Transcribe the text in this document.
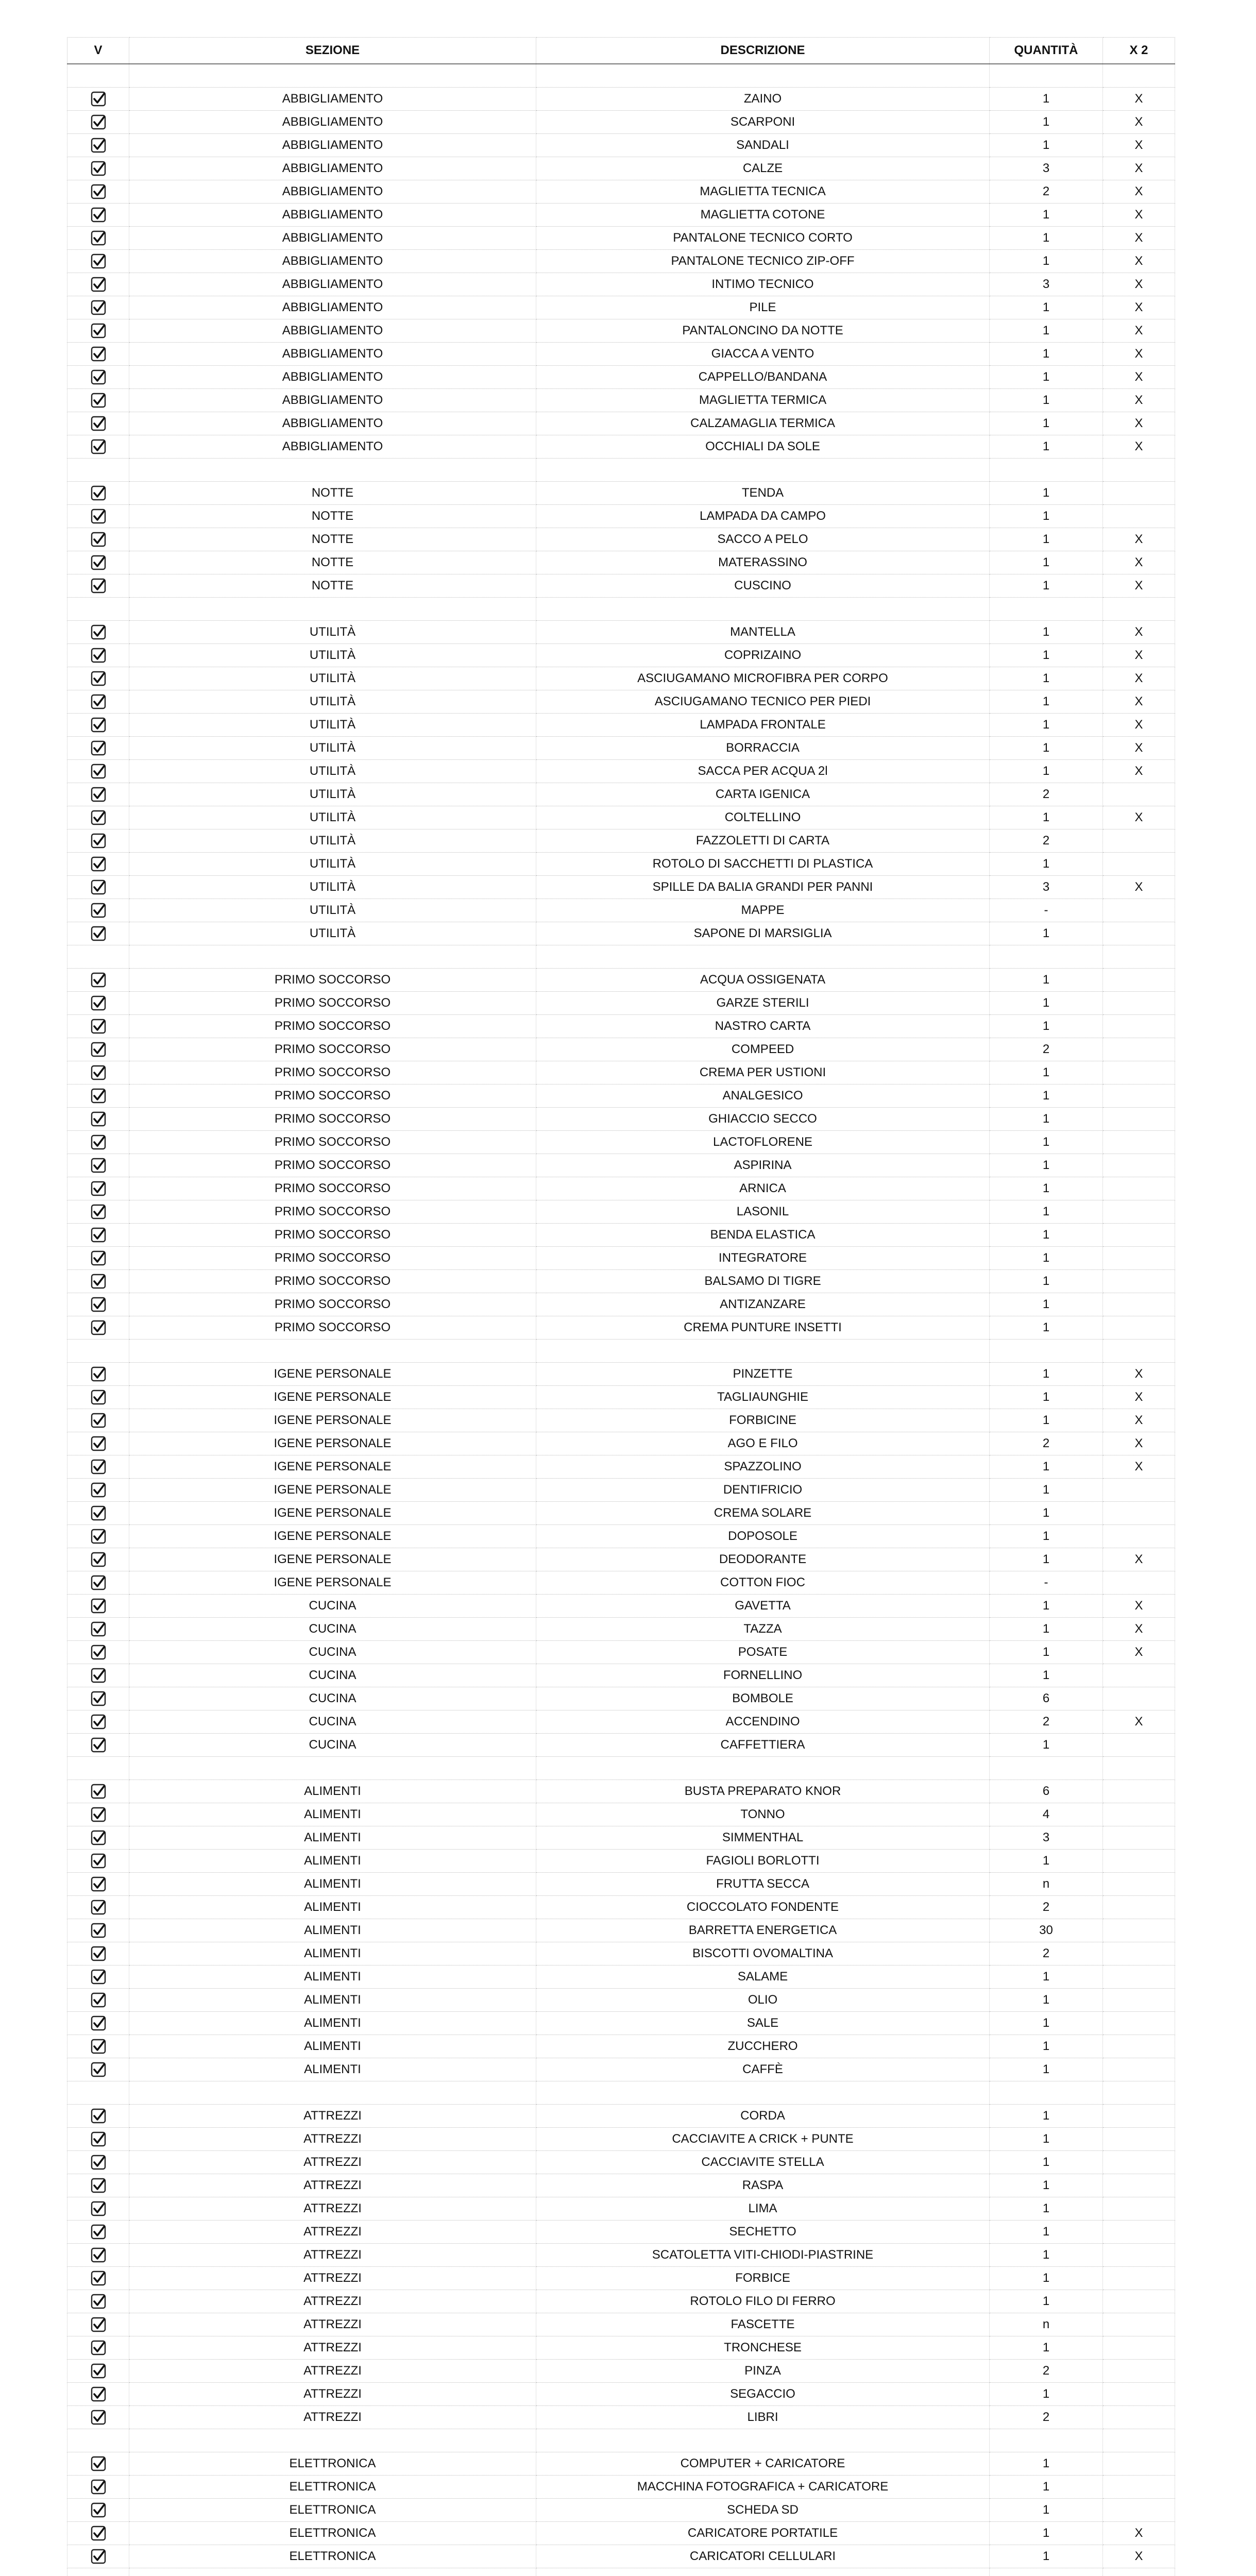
V	SEZIONE	DESCRIZIONE	QUANTITÀ	X 2

	ABBIGLIAMENTO	ZAINO	1	X

	ABBIGLIAMENTO	SCARPONI	1	X

	ABBIGLIAMENTO	SANDALI	1	X

	ABBIGLIAMENTO	CALZE	3	X

	ABBIGLIAMENTO	MAGLIETTA TECNICA	2	X

	ABBIGLIAMENTO	MAGLIETTA COTONE	1	X

	ABBIGLIAMENTO	PANTALONE TECNICO CORTO	1	X

	ABBIGLIAMENTO	PANTALONE TECNICO ZIP-OFF	1	X

	ABBIGLIAMENTO	INTIMO TECNICO	3	X

	ABBIGLIAMENTO	PILE	1	X

	ABBIGLIAMENTO	PANTALONCINO DA NOTTE	1	X

	ABBIGLIAMENTO	GIACCA A VENTO	1	X

	ABBIGLIAMENTO	CAPPELLO/BANDANA	1	X

	ABBIGLIAMENTO	MAGLIETTA TERMICA	1	X

	ABBIGLIAMENTO	CALZAMAGLIA TERMICA	1	X

	ABBIGLIAMENTO	OCCHIALI DA SOLE	1	X

	NOTTE	TENDA	1	

	NOTTE	LAMPADA DA CAMPO	1	

	NOTTE	SACCO A PELO	1	X

	NOTTE	MATERASSINO	1	X

	NOTTE	CUSCINO	1	X

	UTILITÀ	MANTELLA	1	X

	UTILITÀ	COPRIZAINO	1	X

	UTILITÀ	ASCIUGAMANO MICROFIBRA PER CORPO	1	X

	UTILITÀ	ASCIUGAMANO TECNICO PER PIEDI	1	X

	UTILITÀ	LAMPADA FRONTALE	1	X

	UTILITÀ	BORRACCIA	1	X

	UTILITÀ	SACCA PER ACQUA 2l	1	X

	UTILITÀ	CARTA IGENICA	2	

	UTILITÀ	COLTELLINO	1	X

	UTILITÀ	FAZZOLETTI DI CARTA	2	

	UTILITÀ	ROTOLO DI SACCHETTI DI PLASTICA	1	

	UTILITÀ	SPILLE DA BALIA GRANDI PER PANNI	3	X

	UTILITÀ	MAPPE	-	

	UTILITÀ	SAPONE DI MARSIGLIA	1	

	PRIMO SOCCORSO	ACQUA OSSIGENATA	1	

	PRIMO SOCCORSO	GARZE STERILI	1	

	PRIMO SOCCORSO	NASTRO CARTA	1	

	PRIMO SOCCORSO	COMPEED	2	

	PRIMO SOCCORSO	CREMA PER USTIONI	1	

	PRIMO SOCCORSO	ANALGESICO	1	

	PRIMO SOCCORSO	GHIACCIO SECCO	1	

	PRIMO SOCCORSO	LACTOFLORENE	1	

	PRIMO SOCCORSO	ASPIRINA	1	

	PRIMO SOCCORSO	ARNICA	1	

	PRIMO SOCCORSO	LASONIL	1	

	PRIMO SOCCORSO	BENDA ELASTICA	1	

	PRIMO SOCCORSO	INTEGRATORE	1	

	PRIMO SOCCORSO	BALSAMO DI TIGRE	1	

	PRIMO SOCCORSO	ANTIZANZARE	1	

	PRIMO SOCCORSO	CREMA PUNTURE INSETTI	1	

	IGENE PERSONALE	PINZETTE	1	X

	IGENE PERSONALE	TAGLIAUNGHIE	1	X

	IGENE PERSONALE	FORBICINE	1	X

	IGENE PERSONALE	AGO E FILO	2	X

	IGENE PERSONALE	SPAZZOLINO	1	X

	IGENE PERSONALE	DENTIFRICIO	1	

	IGENE PERSONALE	CREMA SOLARE	1	

	IGENE PERSONALE	DOPOSOLE	1	

	IGENE PERSONALE	DEODORANTE	1	X

	IGENE PERSONALE	COTTON FIOC	-	

	CUCINA	GAVETTA	1	X

	CUCINA	TAZZA	1	X

	CUCINA	POSATE	1	X

	CUCINA	FORNELLINO	1	

	CUCINA	BOMBOLE	6	

	CUCINA	ACCENDINO	2	X

	CUCINA	CAFFETTIERA	1	

	ALIMENTI	BUSTA PREPARATO KNOR	6	

	ALIMENTI	TONNO	4	

	ALIMENTI	SIMMENTHAL	3	

	ALIMENTI	FAGIOLI BORLOTTI	1	

	ALIMENTI	FRUTTA SECCA	n	

	ALIMENTI	CIOCCOLATO FONDENTE	2	

	ALIMENTI	BARRETTA ENERGETICA	30	

	ALIMENTI	BISCOTTI OVOMALTINA	2	

	ALIMENTI	SALAME	1	

	ALIMENTI	OLIO	1	

	ALIMENTI	SALE	1	

	ALIMENTI	ZUCCHERO	1	

	ALIMENTI	CAFFÈ	1	

	ATTREZZI	CORDA	1	

	ATTREZZI	CACCIAVITE A CRICK + PUNTE	1	

	ATTREZZI	CACCIAVITE STELLA	1	

	ATTREZZI	RASPA	1	

	ATTREZZI	LIMA	1	

	ATTREZZI	SECHETTO	1	

	ATTREZZI	SCATOLETTA VITI-CHIODI-PIASTRINE	1	

	ATTREZZI	FORBICE	1	

	ATTREZZI	ROTOLO FILO DI FERRO	1	

	ATTREZZI	FASCETTE	n	

	ATTREZZI	TRONCHESE	1	

	ATTREZZI	PINZA	2	

	ATTREZZI	SEGACCIO	1	

	ATTREZZI	LIBRI	2	

	ELETTRONICA	COMPUTER + CARICATORE	1	

	ELETTRONICA	MACCHINA FOTOGRAFICA + CARICATORE	1	

	ELETTRONICA	SCHEDA SD	1	

	ELETTRONICA	CARICATORE PORTATILE	1	X

	ELETTRONICA	CARICATORI CELLULARI	1	X
